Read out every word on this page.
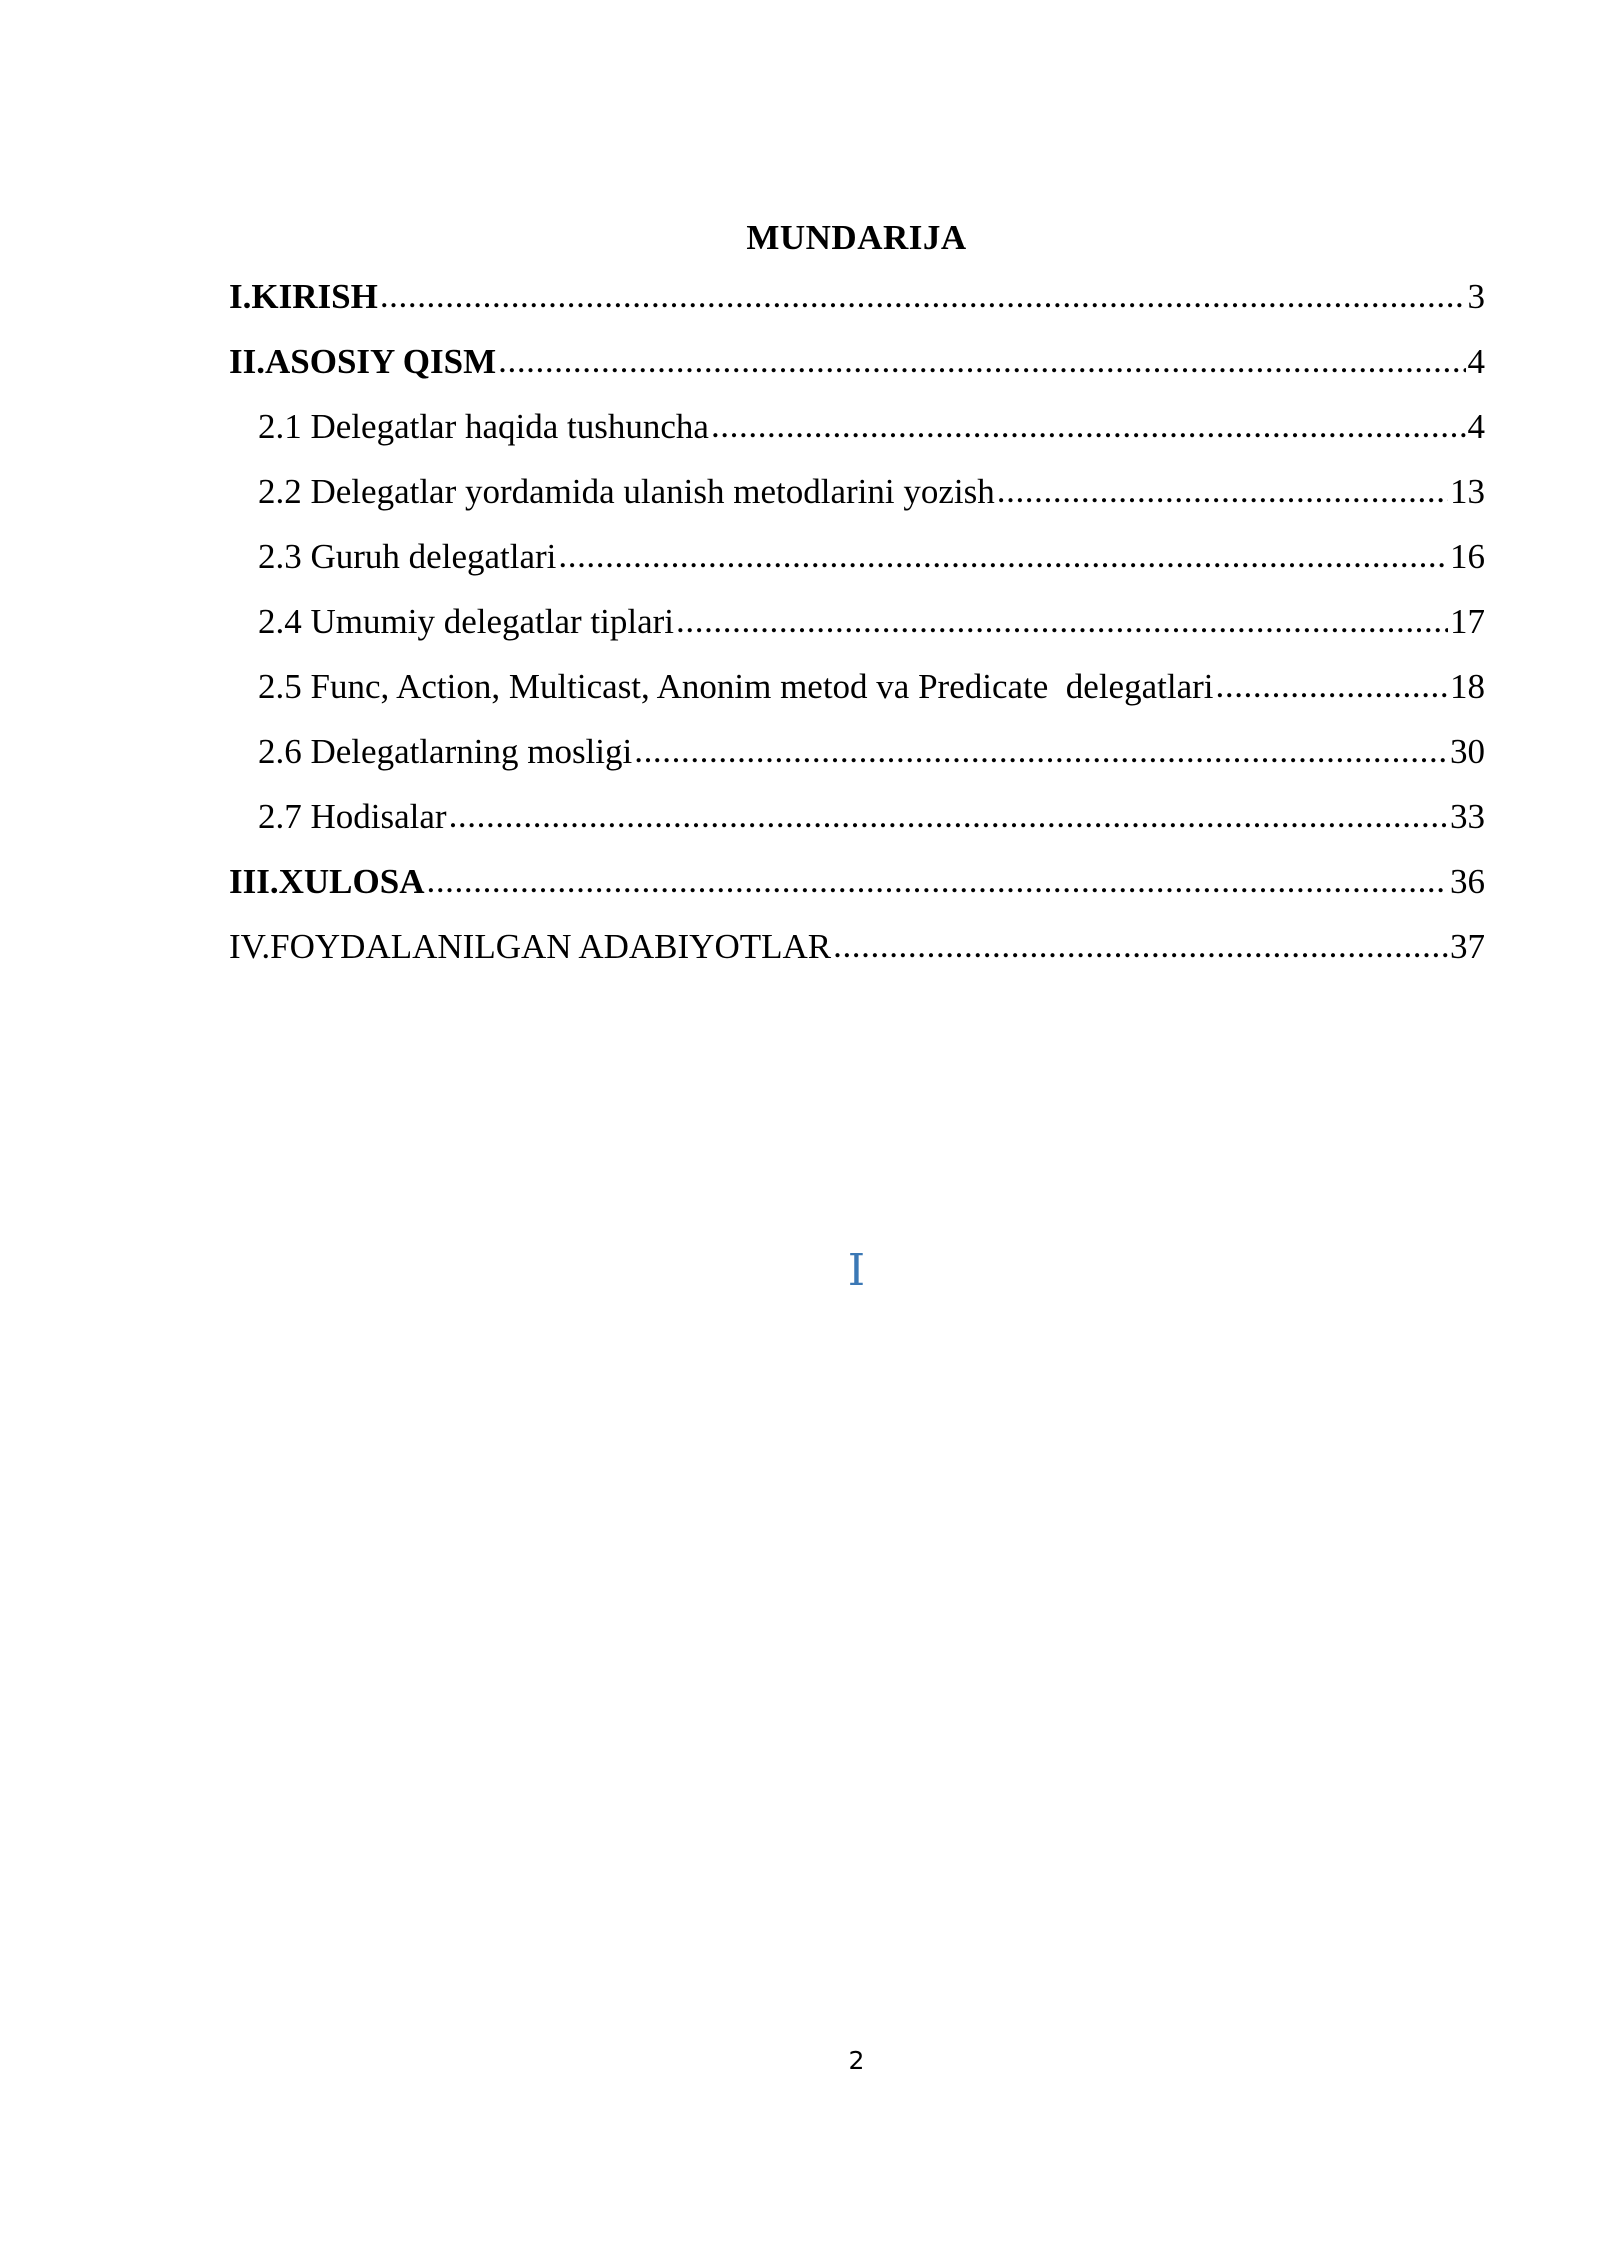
MUNDARIJA
I.KIRISH .....	3
II.ASOSIY QISM .....	4
2.1 Delegatlar haqida tushuncha .....	4
2.2 Delegatlar yordamida ulanish metodlarini yozish .....	13
2.3 Guruh delegatlari .....	16
2.4 Umumiy delegatlar tiplari .....	17
2.5 Func, Action, Multicast, Anonim metod va Predicate  delegatlari .....	18
2.6 Delegatlarning mosligi .....	30
2.7 Hodisalar .....	33
III.XULOSA .....	36
IV.FOYDALANILGAN ADABIYOTLAR .....	37
I
2
